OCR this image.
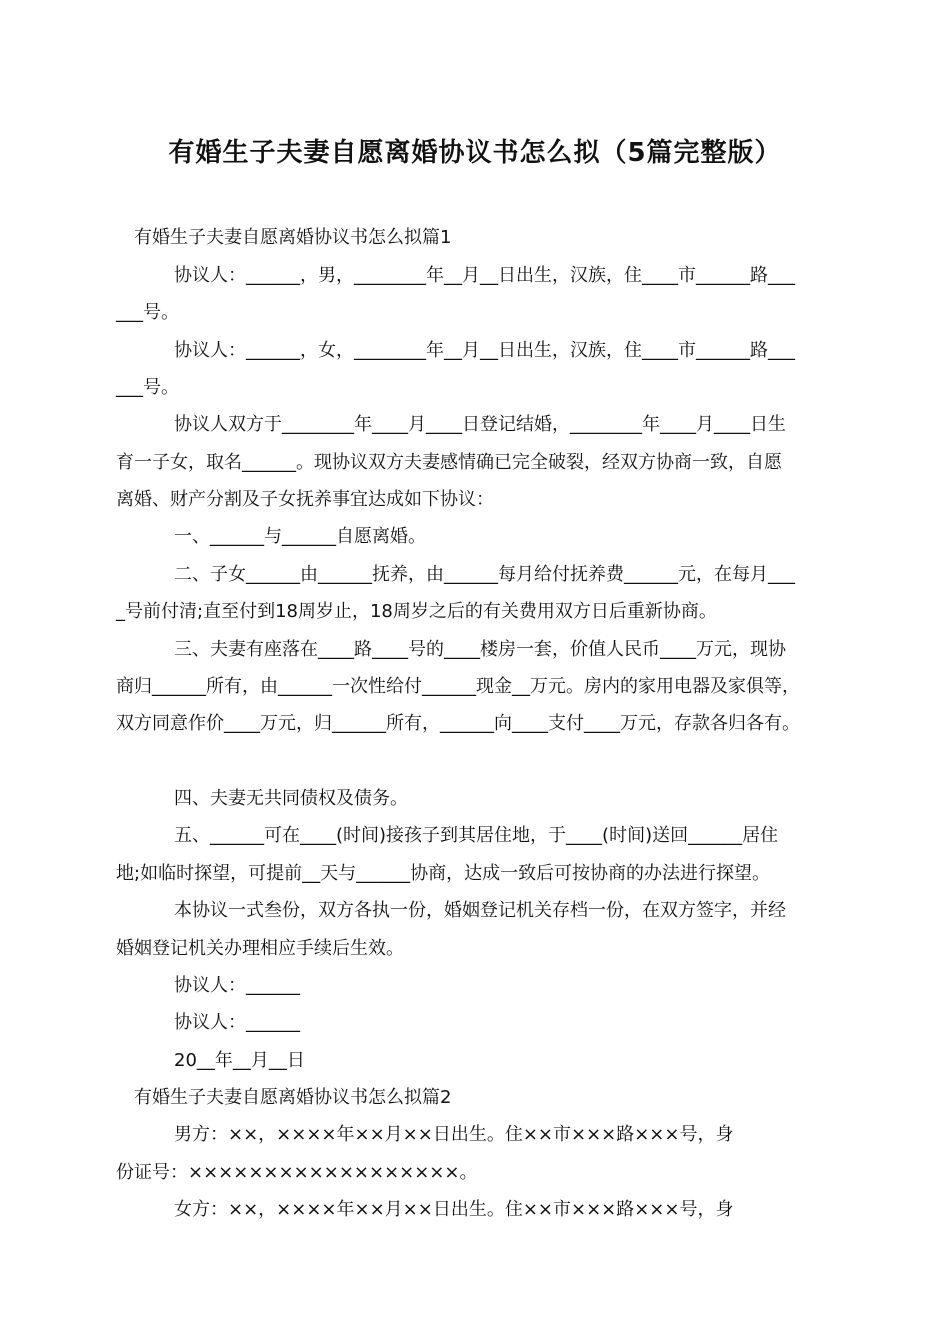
有婚生子夫妻自愿离婚协议书怎么拟（5篇完整版）
有婚生子夫妻自愿离婚协议书怎么拟篇1
协议人：______，男，________年__月__日出生，汉族，住____市______路___
___号。
协议人：______，女，________年__月__日出生，汉族，住____市______路___
___号。
协议人双方于________年____月____日登记结婚，________年____月____日生
育一子女，取名______。现协议双方夫妻感情确已完全破裂，经双方协商一致，自愿
离婚、财产分割及子女抚养事宜达成如下协议：
一、______与______自愿离婚。
二、子女______由______抚养，由______每月给付抚养费______元，在每月___
_号前付清;直至付到18周岁止，18周岁之后的有关费用双方日后重新协商。
三、夫妻有座落在____路____号的____楼房一套，价值人民币____万元，现协
商归______所有，由______一次性给付______现金__万元。房内的家用电器及家俱等，
双方同意作价____万元，归______所有，______向____支付____万元，存款各归各有。
四、夫妻无共同债权及债务。
五、______可在____(时间)接孩子到其居住地，于____(时间)送回______居住
地;如临时探望，可提前__天与______协商，达成一致后可按协商的办法进行探望。
本协议一式叁份，双方各执一份，婚姻登记机关存档一份，在双方签字，并经
婚姻登记机关办理相应手续后生效。
协议人：______
协议人：______
20__年__月__日
有婚生子夫妻自愿离婚协议书怎么拟篇2
男方：××，××××年××月××日出生。住××市×××路×××号，身
份证号：××××××××××××××××××。
女方：××，××××年××月××日出生。住××市×××路×××号，身
